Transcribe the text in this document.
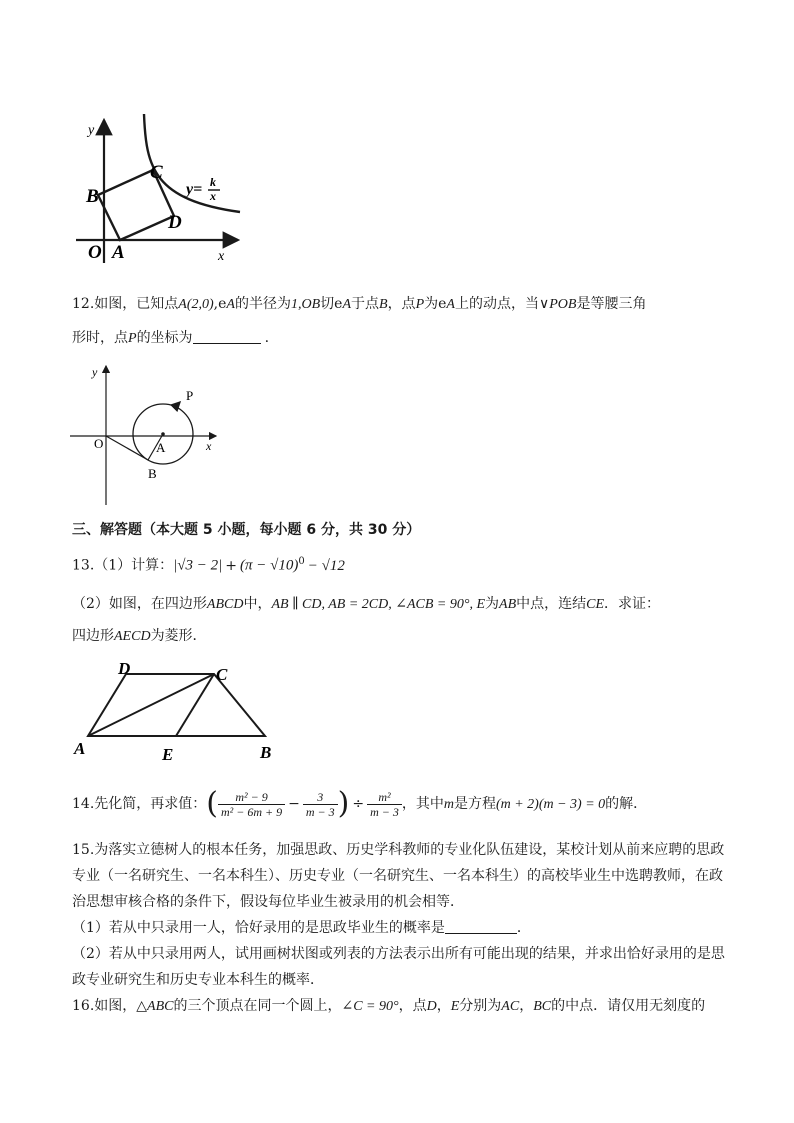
y
x
O A
B
C
D
y= k
x
12.如图，已知点A(2,0),eA的半径为1,OB切eA于点B，点P为eA上的动点，当∨POB是等腰三角
形时，点P的坐标为	.
y
x
O	A
B
P
三、解答题（本大题 5 小题，每小题 6 分，共 30 分）
13.（1）计算：$|√3 - 2| + (\pi - √10)^0 - √12$
（2）如图，在四边形ABCD中，AB ∥ CD, AB = 2CD, ∠ACB = 90°, E为AB中点，连结CE．求证：
四边形AECD为菱形．
A	B
C
D
E
14.先化简，再求值：( $\frac{\text{m² − 9}}{\text{m² − 6m + 9}} - \frac{3}{m - 3}$ ) ÷ $\frac{\text{m²}}{m - 3}$ ，其中m是方程(m + 2)(m − 3) = 0的解．
15.为落实立德树人的根本任务，加强思政、历史学科教师的专业化队伍建设，某校计划从前来应聘的思政
专业（一名研究生、一名本科生）、历史专业（一名研究生、一名本科生）的高校毕业生中选聘教师，在政
治思想审核合格的条件下，假设每位毕业生被录用的机会相等．
（1）若从中只录用一人，恰好录用的是思政毕业生的概率是	．
（2）若从中只录用两人，试用画树状图或列表的方法表示出所有可能出现的结果，并求出恰好录用的是思
政专业研究生和历史专业本科生的概率．
16.如图，△ABC的三个顶点在同一个圆上，∠C = 90°，点D，E分别为AC，BC的中点．请仅用无刻度的
